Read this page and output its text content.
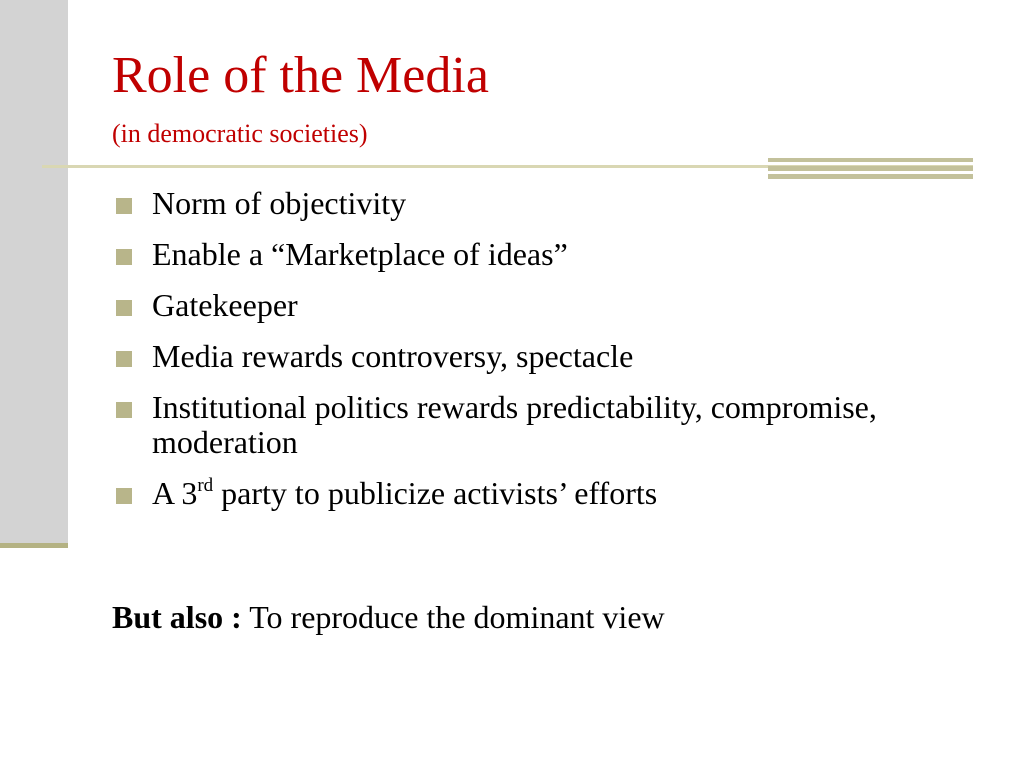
Role of the Media
(in democratic societies)
Norm of objectivity
Enable a “Marketplace of ideas”
Gatekeeper
Media rewards controversy, spectacle
Institutional politics rewards predictability, compromise, moderation
A 3rd party to publicize activists’ efforts
But also : To reproduce the dominant view
